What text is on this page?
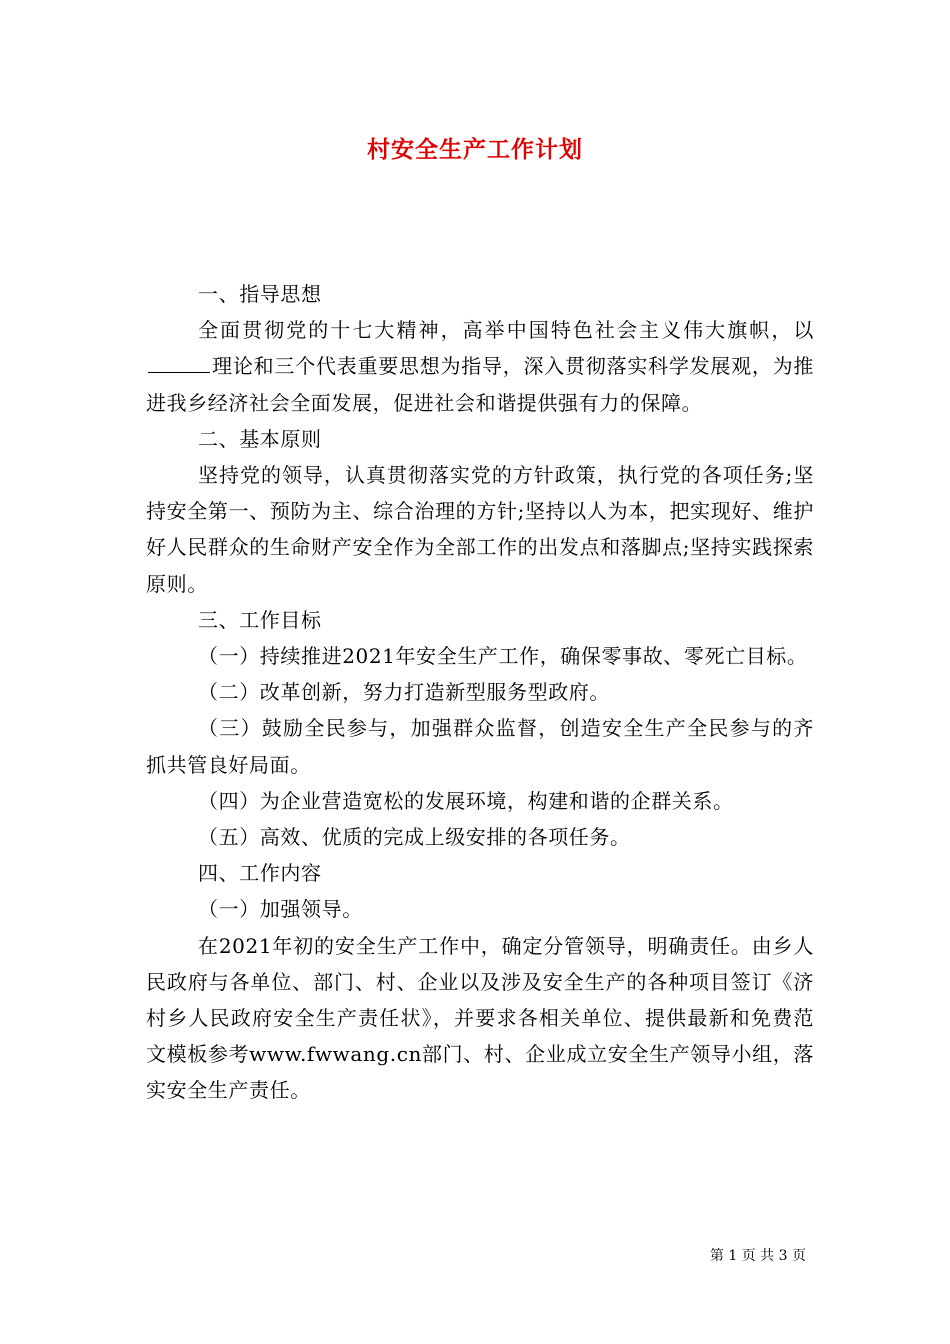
村安全生产工作计划

一、指导思想

全面贯彻党的十七大精神，高举中国特色社会主义伟大旗帜，以理论和三个代表重要思想为指导，深入贯彻落实科学发展观，为推进我乡经济社会全面发展，促进社会和谐提供强有力的保障。

二、基本原则

坚持党的领导，认真贯彻落实党的方针政策，执行党的各项任务;坚持安全第一、预防为主、综合治理的方针;坚持以人为本，把实现好、维护好人民群众的生命财产安全作为全部工作的出发点和落脚点;坚持实践探索原则。

三、工作目标

（一）持续推进2021年安全生产工作，确保零事故、零死亡目标。

（二）改革创新，努力打造新型服务型政府。

（三）鼓励全民参与，加强群众监督，创造安全生产全民参与的齐抓共管良好局面。

（四）为企业营造宽松的发展环境，构建和谐的企群关系。

（五）高效、优质的完成上级安排的各项任务。

四、工作内容

（一）加强领导。

在2021年初的安全生产工作中，确定分管领导，明确责任。由乡人民政府与各单位、部门、村、企业以及涉及安全生产的各种项目签订《济村乡人民政府安全生产责任状》，并要求各相关单位、提供最新和免费范文模板参考www.fwwang.cn部门、村、企业成立安全生产领导小组，落实安全生产责任。

第 1 页 共 3 页
